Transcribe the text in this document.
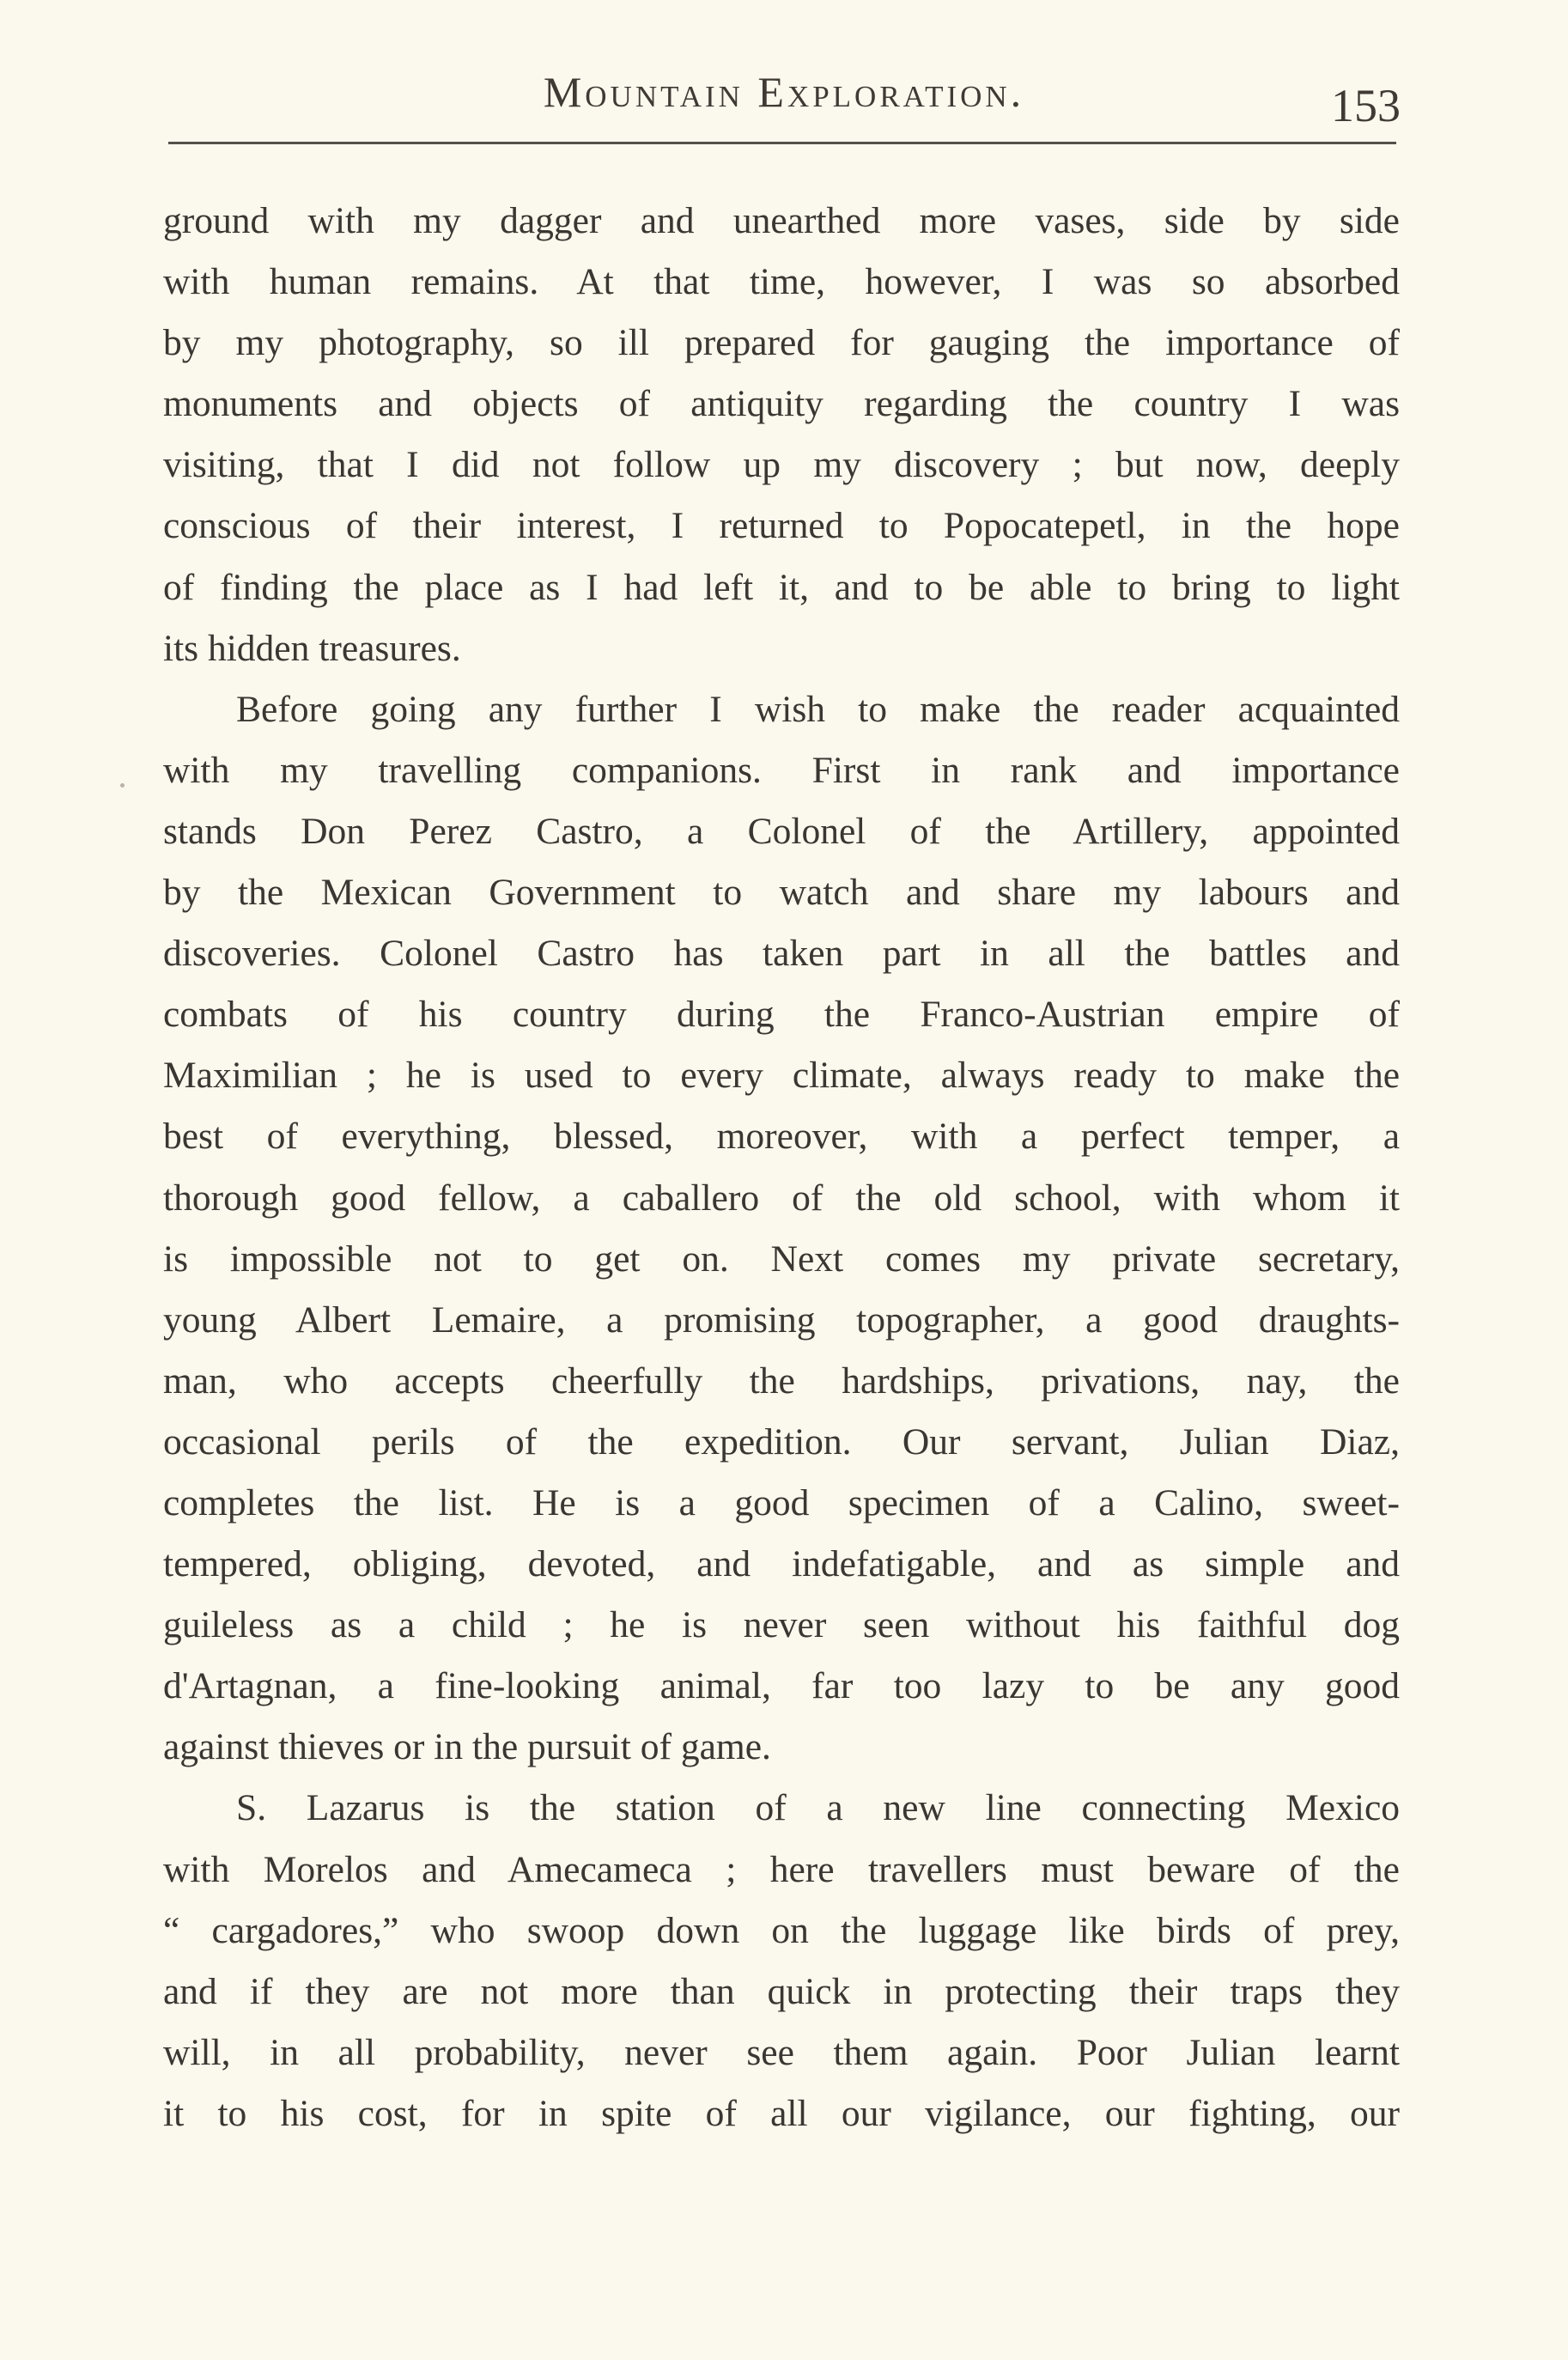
Mountain Exploration.	153
ground with my dagger and unearthed more vases, side by side
with human remains. At that time, however, I was so absorbed
by my photography, so ill prepared for gauging the importance of
monuments and objects of antiquity regarding the country I was
visiting, that I did not follow up my discovery ; but now, deeply
conscious of their interest, I returned to Popocatepetl, in the hope
of finding the place as I had left it, and to be able to bring to light
its hidden treasures.
Before going any further I wish to make the reader acquainted
with my travelling companions. First in rank and importance
stands Don Perez Castro, a Colonel of the Artillery, appointed
by the Mexican Government to watch and share my labours and
discoveries. Colonel Castro has taken part in all the battles and
combats of his country during the Franco-Austrian empire of
Maximilian ; he is used to every climate, always ready to make the
best of everything, blessed, moreover, with a perfect temper, a
thorough good fellow, a caballero of the old school, with whom it
is impossible not to get on. Next comes my private secretary,
young Albert Lemaire, a promising topographer, a good draughts-
man, who accepts cheerfully the hardships, privations, nay, the
occasional perils of the expedition. Our servant, Julian Diaz,
completes the list. He is a good specimen of a Calino, sweet-
tempered, obliging, devoted, and indefatigable, and as simple and
guileless as a child ; he is never seen without his faithful dog
d'Artagnan, a fine-looking animal, far too lazy to be any good
against thieves or in the pursuit of game.
S. Lazarus is the station of a new line connecting Mexico
with Morelos and Amecameca ; here travellers must beware of the
“ cargadores,” who swoop down on the luggage like birds of prey,
and if they are not more than quick in protecting their traps they
will, in all probability, never see them again. Poor Julian learnt
it to his cost, for in spite of all our vigilance, our fighting, our
